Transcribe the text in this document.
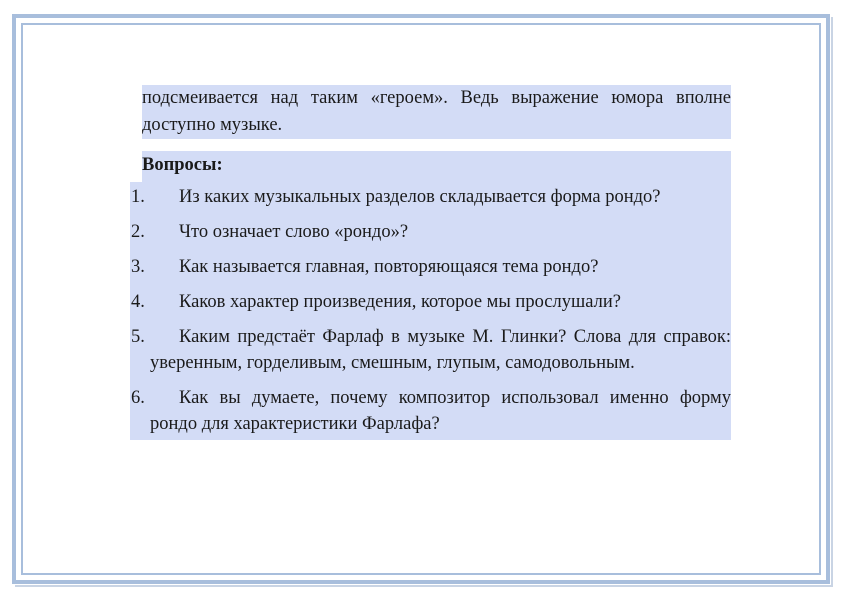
подсмеивается над таким «героем». Ведь выражение юмора вполне доступно музыке.

Вопросы:
1.	Из каких музыкальных разделов складывается форма рондо?
2.	Что означает слово «рондо»?
3.	Как называется главная, повторяющаяся тема рондо?
4.	Каков характер произведения, которое мы прослушали?
5.	Каким предстаёт Фарлаф в музыке М. Глинки? Слова для справок: уверенным, горделивым, смешным, глупым, самодовольным.
6.	Как вы думаете, почему композитор использовал именно форму рондо для характеристики Фарлафа?
